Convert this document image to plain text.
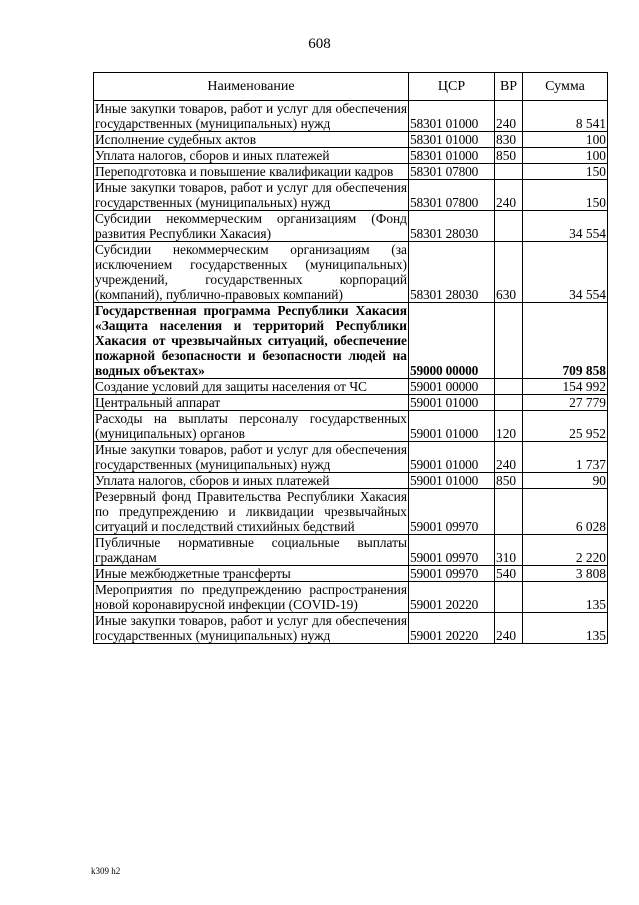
608
Наименование	ЦСР	ВР	Сумма
Иные закупки товаров, работ и услуг для обеспечения государственных (муниципальных) нужд	58301 01000	240	8 541
Исполнение судебных актов	58301 01000	830	100
Уплата налогов, сборов и иных платежей	58301 01000	850	100
Переподготовка и повышение квалификации кадров	58301 07800		150
Иные закупки товаров, работ и услуг для обеспечения государственных (муниципальных) нужд	58301 07800	240	150
Субсидии некоммерческим организациям (Фонд развития Республики Хакасия)	58301 28030		34 554
Субсидии некоммерческим организациям (за исключением государственных (муниципальных) учреждений, государственных корпораций (компаний), публично-правовых компаний)	58301 28030	630	34 554
Государственная программа Республики Хакасия «Защита населения и территорий Республики Хакасия от чрезвычайных ситуаций, обеспечение пожарной безопасности и безопасности людей на водных объектах»	59000 00000		709 858
Создание условий для защиты населения от ЧС	59001 00000		154 992
Центральный аппарат	59001 01000		27 779
Расходы на выплаты персоналу государственных (муниципальных) органов	59001 01000	120	25 952
Иные закупки товаров, работ и услуг для обеспечения государственных (муниципальных) нужд	59001 01000	240	1 737
Уплата налогов, сборов и иных платежей	59001 01000	850	90
Резервный фонд Правительства Республики Хакасия по предупреждению и ликвидации чрезвычайных ситуаций и последствий стихийных бедствий	59001 09970		6 028
Публичные нормативные социальные выплаты гражданам	59001 09970	310	2 220
Иные межбюджетные трансферты	59001 09970	540	3 808
Мероприятия по предупреждению распространения новой коронавирусной инфекции (COVID-19)	59001 20220		135
Иные закупки товаров, работ и услуг для обеспечения государственных (муниципальных) нужд	59001 20220	240	135
k309 h2
